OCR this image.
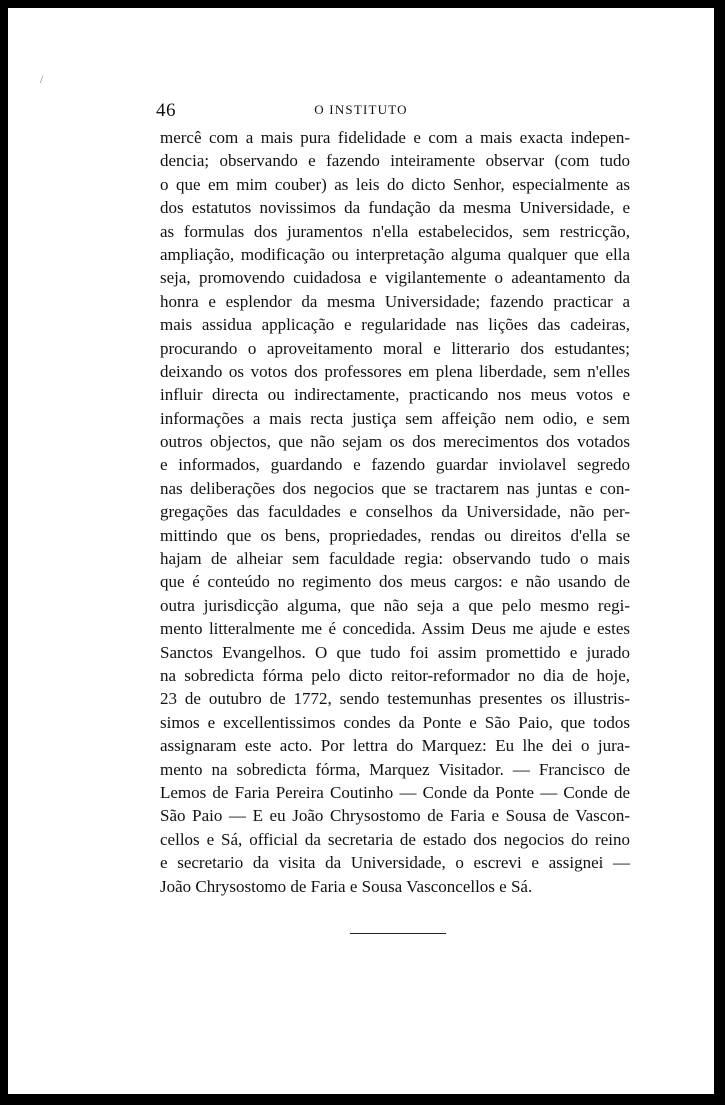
/
46	O INSTITUTO
mercê com a mais pura fidelidade e com a mais exacta indepen-
dencia; observando e fazendo inteiramente observar (com tudo
o que em mim couber) as leis do dicto Senhor, especialmente as
dos estatutos novissimos da fundação da mesma Universidade, e
as formulas dos juramentos n'ella estabelecidos, sem restricção,
ampliação, modificação ou interpretação alguma qualquer que ella
seja, promovendo cuidadosa e vigilantemente o adeantamento da
honra e esplendor da mesma Universidade; fazendo practicar a
mais assidua applicação e regularidade nas lições das cadeiras,
procurando o aproveitamento moral e litterario dos estudantes;
deixando os votos dos professores em plena liberdade, sem n'elles
influir directa ou indirectamente, practicando nos meus votos e
informações a mais recta justiça sem affeição nem odio, e sem
outros objectos, que não sejam os dos merecimentos dos votados
e informados, guardando e fazendo guardar inviolavel segredo
nas deliberações dos negocios que se tractarem nas juntas e con-
gregações das faculdades e conselhos da Universidade, não per-
mittindo que os bens, propriedades, rendas ou direitos d'ella se
hajam de alheiar sem faculdade regia: observando tudo o mais
que é conteúdo no regimento dos meus cargos: e não usando de
outra jurisdicção alguma, que não seja a que pelo mesmo regi-
mento litteralmente me é concedida. Assim Deus me ajude e estes
Sanctos Evangelhos. O que tudo foi assim promettido e jurado
na sobredicta fórma pelo dicto reitor-reformador no dia de hoje,
23 de outubro de 1772, sendo testemunhas presentes os illustris-
simos e excellentissimos condes da Ponte e São Paio, que todos
assignaram este acto. Por lettra do Marquez: Eu lhe dei o jura-
mento na sobredicta fórma, Marquez Visitador. — Francisco de
Lemos de Faria Pereira Coutinho — Conde da Ponte — Conde de
São Paio — E eu João Chrysostomo de Faria e Sousa de Vascon-
cellos e Sá, official da secretaria de estado dos negocios do reino
e secretario da visita da Universidade, o escrevi e assignei —
João Chrysostomo de Faria e Sousa Vasconcellos e Sá.
